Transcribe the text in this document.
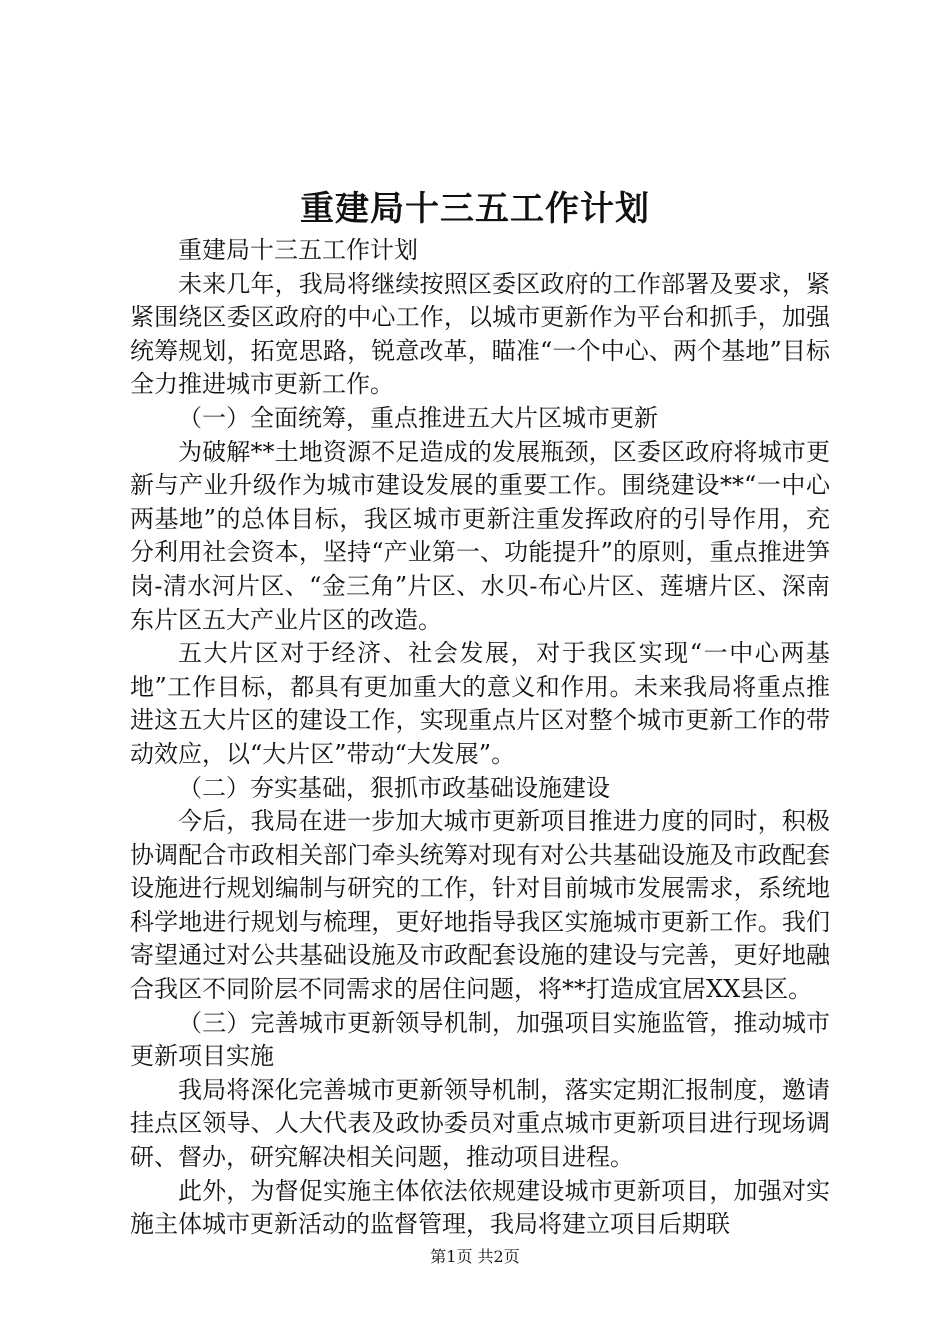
重建局十三五工作计划

重建局十三五工作计划

未来几年，我局将继续按照区委区政府的工作部署及要求，紧紧围绕区委区政府的中心工作，以城市更新作为平台和抓手，加强统筹规划，拓宽思路，锐意改革，瞄准“一个中心、两个基地”目标全力推进城市更新工作。

（一）全面统筹，重点推进五大片区城市更新

为破解**土地资源不足造成的发展瓶颈，区委区政府将城市更新与产业升级作为城市建设发展的重要工作。围绕建设**“一中心两基地”的总体目标，我区城市更新注重发挥政府的引导作用，充分利用社会资本，坚持“产业第一、功能提升”的原则，重点推进笋岗-清水河片区、“金三角”片区、水贝-布心片区、莲塘片区、深南东片区五大产业片区的改造。

五大片区对于经济、社会发展，对于我区实现“一中心两基地”工作目标，都具有更加重大的意义和作用。未来我局将重点推进这五大片区的建设工作，实现重点片区对整个城市更新工作的带动效应，以“大片区”带动“大发展”。

（二）夯实基础，狠抓市政基础设施建设

今后，我局在进一步加大城市更新项目推进力度的同时，积极协调配合市政相关部门牵头统筹对现有对公共基础设施及市政配套设施进行规划编制与研究的工作，针对目前城市发展需求，系统地科学地进行规划与梳理，更好地指导我区实施城市更新工作。我们寄望通过对公共基础设施及市政配套设施的建设与完善，更好地融合我区不同阶层不同需求的居住问题，将**打造成宜居XX县区。

（三）完善城市更新领导机制，加强项目实施监管，推动城市更新项目实施

我局将深化完善城市更新领导机制，落实定期汇报制度，邀请挂点区领导、人大代表及政协委员对重点城市更新项目进行现场调研、督办，研究解决相关问题，推动项目进程。

此外，为督促实施主体依法依规建设城市更新项目，加强对实施主体城市更新活动的监督管理，我局将建立项目后期联

第1页 共2页
